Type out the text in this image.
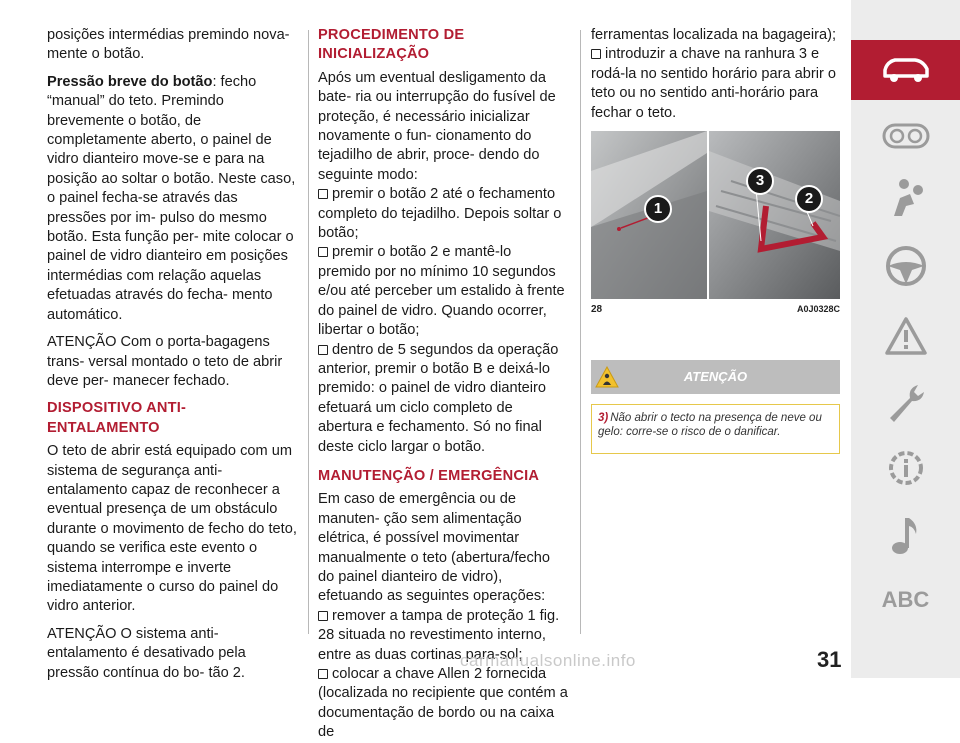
posições intermédias premindo nova- mente o botão.

Pressão breve do botão: fecho “manual” do teto. Premindo brevemente o botão, de completamente aberto, o painel de vidro dianteiro move-se e para na posição ao soltar o botão. Neste caso, o painel fecha-se através das pressões por im- pulso do mesmo botão. Esta função per- mite colocar o painel de vidro dianteiro em posições intermédias com relação aquelas efetuadas através do fecha- mento automático.

ATENÇÃO Com o porta-bagagens trans- versal montado o teto de abrir deve per- manecer fechado.

DISPOSITIVO ANTI-ENTALAMENTO

O teto de abrir está equipado com um sistema de segurança anti-entalamento capaz de reconhecer a eventual presença de um obstáculo durante o movimento de fecho do teto, quando se verifica este evento o sistema interrompe e inverte imediatamente o curso do painel do vidro anterior.

ATENÇÃO O sistema anti-entalamento é desativado pela pressão contínua do bo- tão 2.

PROCEDIMENTO DE INICIALIZAÇÃO

Após um eventual desligamento da bate- ria ou interrupção do fusível de proteção, é necessário inicializar novamente o fun- cionamento do tejadilho de abrir, proce- dendo do seguinte modo:

premir o botão 2 até o fechamento completo do tejadilho. Depois soltar o botão;
premir o botão 2 e mantê-lo premido por no mínimo 10 segundos e/ou até perceber um estalido à frente do painel de vidro. Quando ocorrer, libertar o botão;
dentro de 5 segundos da operação anterior, premir o botão B e deixá-lo premido: o painel de vidro dianteiro efetuará um ciclo completo de abertura e fechamento. Só no final deste ciclo largar o botão.
MANUTENÇÃO / EMERGÊNCIA

Em caso de emergência ou de manuten- ção sem alimentação elétrica, é possível movimentar manualmente o teto (abertura/fecho do painel dianteiro de vidro), efetuando as seguintes operações:

remover a tampa de proteção 1 fig. 28 situada no revestimento interno, entre as duas cortinas para-sol;
colocar a chave Allen 2 fornecida (localizada no recipiente que contém a documentação de bordo ou na caixa de
ferramentas localizada na bagageira);
introduzir a chave na ranhura 3 e rodá-la no sentido horário para abrir o teto ou no sentido anti-horário para fechar o teto.
1
3
2
28	A0J0328C
ATENÇÃO
3) Não abrir o tecto na presença de neve ou gelo: corre-se o risco de o danificar.
ABC
carmanualsonline.info	31
